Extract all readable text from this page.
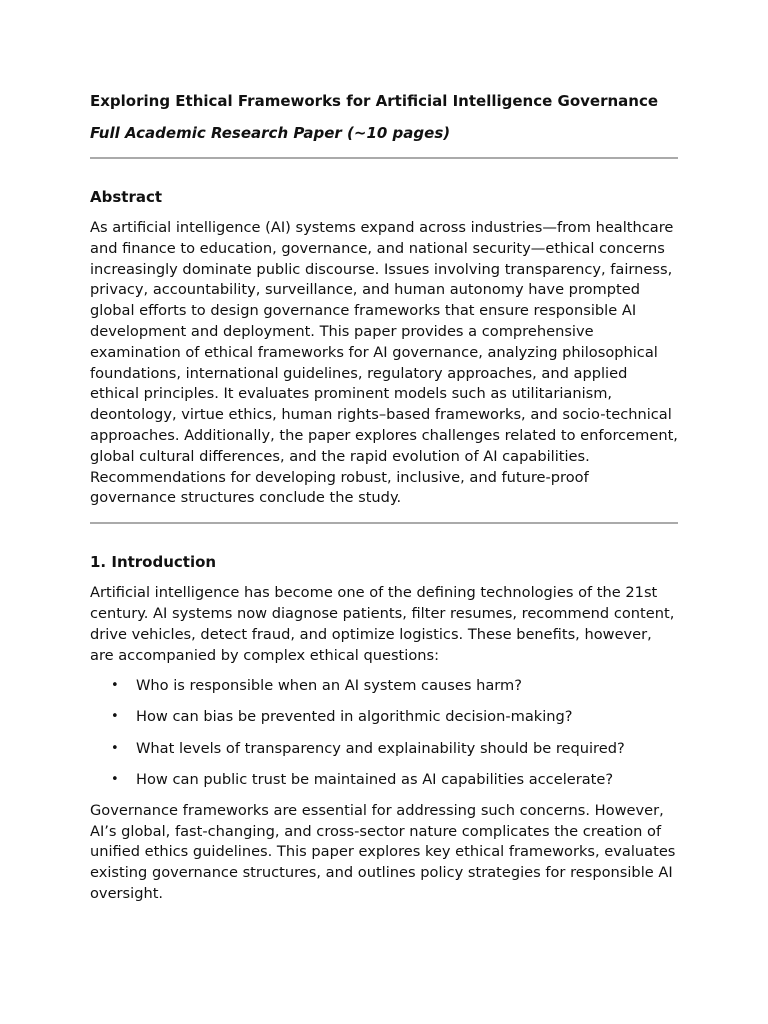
Exploring Ethical Frameworks for Artificial Intelligence Governance
Full Academic Research Paper (~10 pages)
Abstract

As artificial intelligence (AI) systems expand across industries—from healthcare and finance to education, governance, and national security—ethical concerns increasingly dominate public discourse. Issues involving transparency, fairness, privacy, accountability, surveillance, and human autonomy have prompted global efforts to design governance frameworks that ensure responsible AI development and deployment. This paper provides a comprehensive examination of ethical frameworks for AI governance, analyzing philosophical foundations, international guidelines, regulatory approaches, and applied ethical principles. It evaluates prominent models such as utilitarianism, deontology, virtue ethics, human rights–based frameworks, and socio-technical approaches. Additionally, the paper explores challenges related to enforcement, global cultural differences, and the rapid evolution of AI capabilities. Recommendations for developing robust, inclusive, and future-proof governance structures conclude the study.

1. Introduction

Artificial intelligence has become one of the defining technologies of the 21st century. AI systems now diagnose patients, filter resumes, recommend content, drive vehicles, detect fraud, and optimize logistics. These benefits, however, are accompanied by complex ethical questions:

• Who is responsible when an AI system causes harm?
• How can bias be prevented in algorithmic decision-making?
• What levels of transparency and explainability should be required?
• How can public trust be maintained as AI capabilities accelerate?

Governance frameworks are essential for addressing such concerns. However, AI’s global, fast-changing, and cross-sector nature complicates the creation of unified ethics guidelines. This paper explores key ethical frameworks, evaluates existing governance structures, and outlines policy strategies for responsible AI oversight.
